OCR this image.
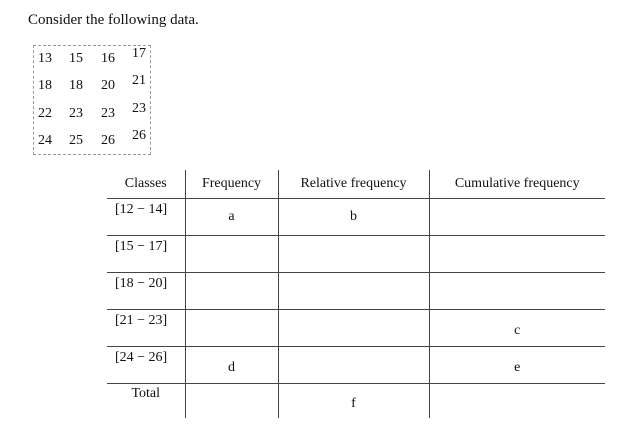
Consider the following data.

13	15	16	17
18	18	20	21
22	23	23	23
24	25	26	26
Classes	Frequency	Relative frequency	Cumulative frequency
[12 − 14]	a	b	
[15 − 17]			
[18 − 20]			
[21 − 23]			c
[24 − 26]	d		e
Total		f	
